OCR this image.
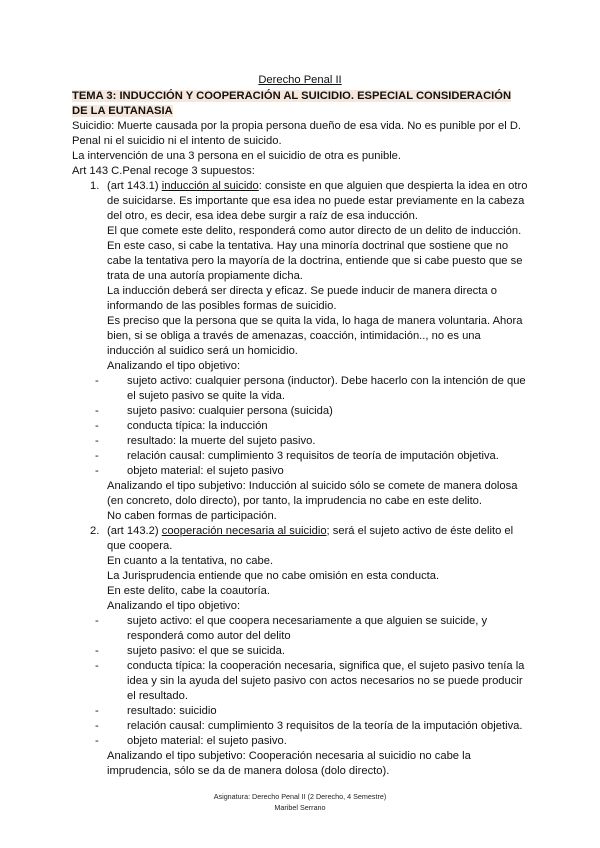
Derecho Penal II
TEMA 3: INDUCCIÓN Y COOPERACIÓN AL SUICIDIO. ESPECIAL CONSIDERACIÓN DE LA EUTANASIA

Suicidio: Muerte causada por la propia persona dueño de esa vida. No es punible por el D. Penal ni el suicidio ni el intento de suicido.

La intervención de una 3 persona en el suicidio de otra es punible.

Art 143 C.Penal recoge 3 supuestos:

1. (art 143.1) inducción al suicido: consiste en que alguien que despierta la idea en otro de suicidarse. Es importante que esa idea no puede estar previamente en la cabeza del otro, es decir, esa idea debe surgir a raíz de esa inducción.

El que comete este delito, responderá como autor directo de un delito de inducción.

En este caso, si cabe la tentativa. Hay una minoría doctrinal que sostiene que no cabe la tentativa pero la mayoría de la doctrina, entiende que si cabe puesto que se trata de una autoría propiamente dicha.

La inducción deberá ser directa y eficaz. Se puede inducir de manera directa o informando de las posibles formas de suicidio.

Es preciso que la persona que se quita la vida, lo haga de manera voluntaria. Ahora bien, si se obliga a través de amenazas, coacción, intimidación.., no es una inducción al suidico será un homicidio.

Analizando el tipo objetivo:

-	sujeto activo: cualquier persona (inductor). Debe hacerlo con la intención de que el sujeto pasivo se quite la vida.
-	sujeto pasivo: cualquier persona (suicida)
-	conducta típica: la inducción
-	resultado: la muerte del sujeto pasivo.
-	relación causal: cumplimiento 3 requisitos de teoría de imputación objetiva.
-	objeto material: el sujeto pasivo

Analizando el tipo subjetivo: Inducción al suicido sólo se comete de manera dolosa (en concreto, dolo directo), por tanto, la imprudencia no cabe en este delito.

No caben formas de participación.

2. (art 143.2) cooperación necesaria al suicidio; será el sujeto activo de éste delito el que coopera.

En cuanto a la tentativa, no cabe.

La Jurisprudencia entiende que no cabe omisión en esta conducta.

En este delito, cabe la coautoría.

Analizando el tipo objetivo:

-	sujeto activo: el que coopera necesariamente a que alguien se suicide, y responderá como autor del delito
-	sujeto pasivo: el que se suicida.
-	conducta típica: la cooperación necesaria, significa que, el sujeto pasivo tenía la idea y sin la ayuda del sujeto pasivo con actos necesarios no se puede producir el resultado.
-	resultado: suicidio
-	relación causal: cumplimiento 3 requisitos de la teoría de la imputación objetiva.
-	objeto material: el sujeto pasivo.

Analizando el tipo subjetivo: Cooperación necesaria al suicidio no cabe la imprudencia, sólo se da de manera dolosa (dolo directo).

Asignatura: Derecho Penal II (2 Derecho, 4 Semestre)
Maribel Serrano
